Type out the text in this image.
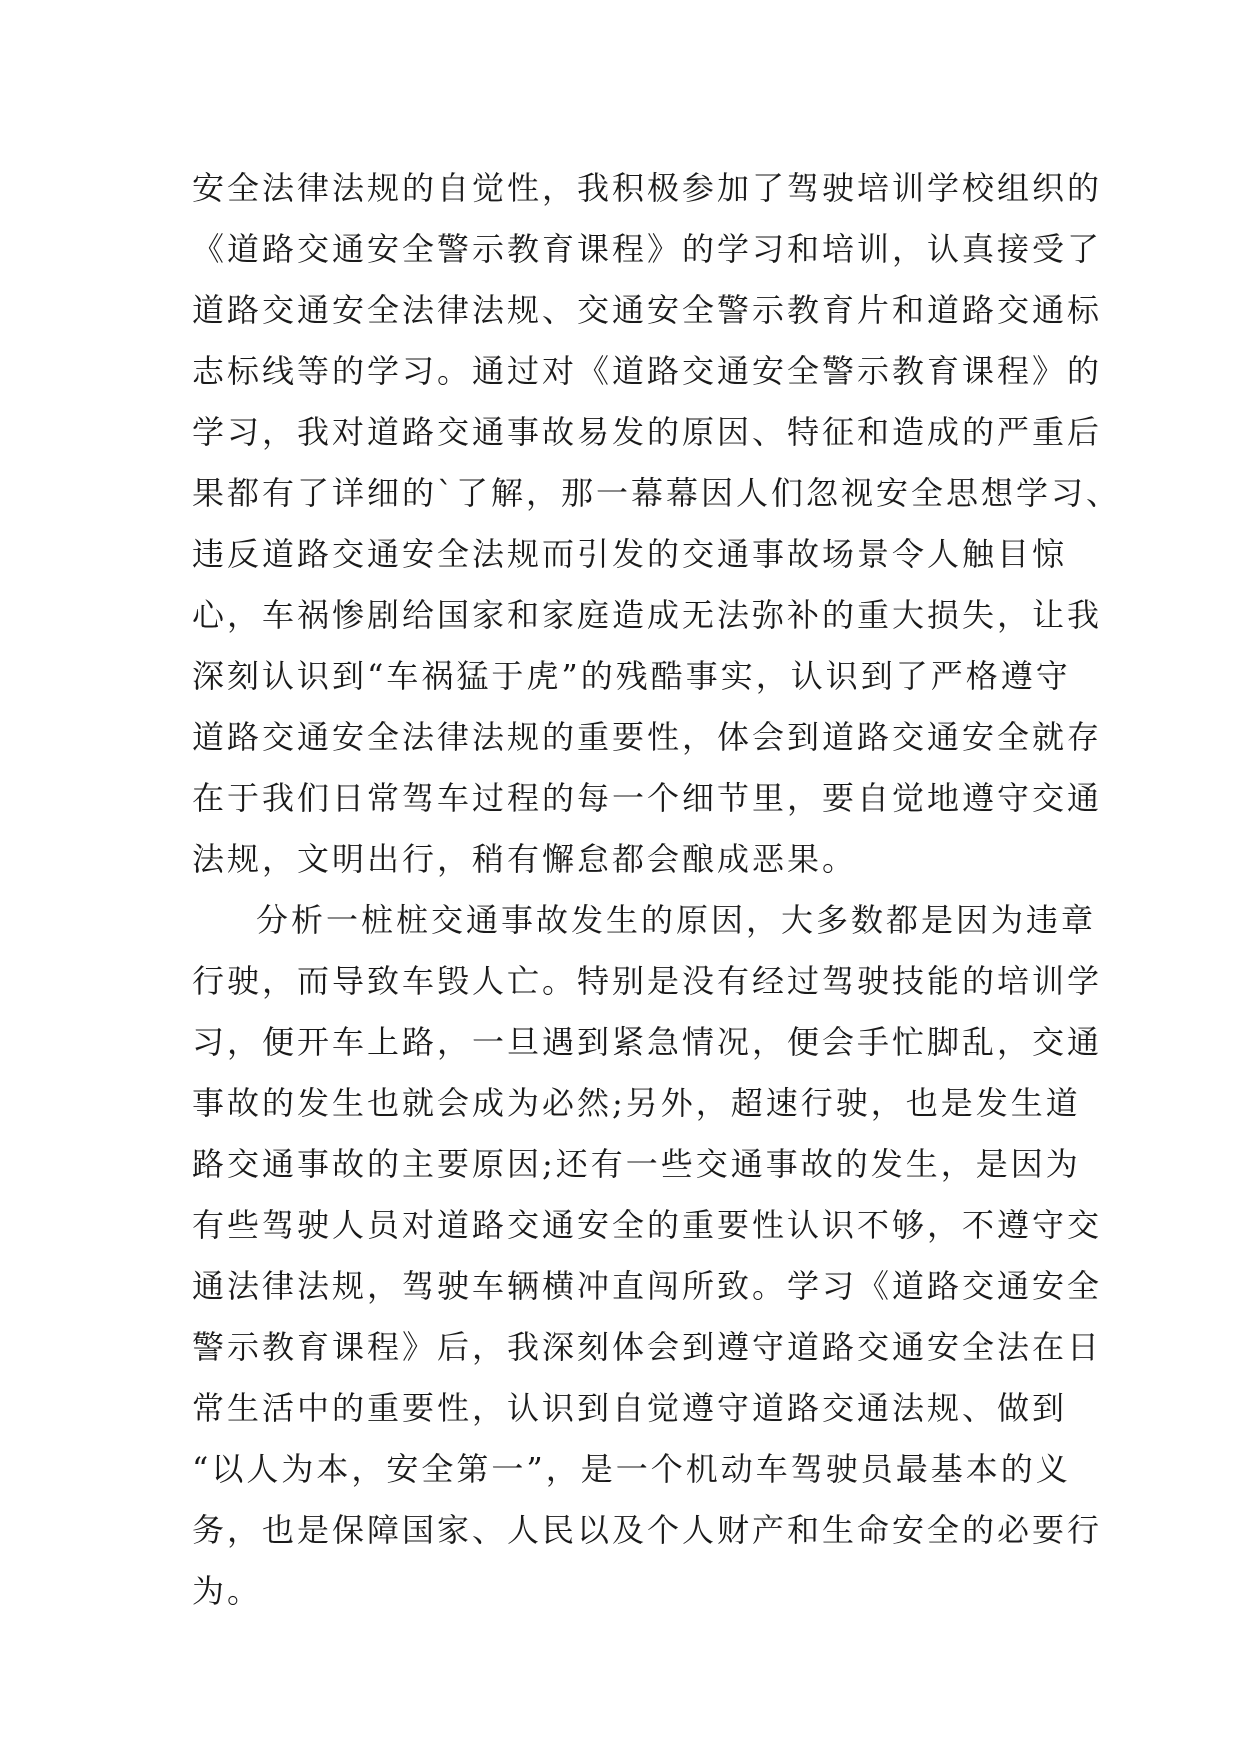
安全法律法规的自觉性，我积极参加了驾驶培训学校组织的
《道路交通安全警示教育课程》的学习和培训，认真接受了
道路交通安全法律法规、交通安全警示教育片和道路交通标
志标线等的学习。通过对《道路交通安全警示教育课程》的
学习，我对道路交通事故易发的原因、特征和造成的严重后
果都有了详细的`了解，那一幕幕因人们忽视安全思想学习、
违反道路交通安全法规而引发的交通事故场景令人触目惊
心，车祸惨剧给国家和家庭造成无法弥补的重大损失，让我
深刻认识到“车祸猛于虎”的残酷事实，认识到了严格遵守
道路交通安全法律法规的重要性，体会到道路交通安全就存
在于我们日常驾车过程的每一个细节里，要自觉地遵守交通
法规，文明出行，稍有懈怠都会酿成恶果。
分析一桩桩交通事故发生的原因，大多数都是因为违章
行驶，而导致车毁人亡。特别是没有经过驾驶技能的培训学
习，便开车上路，一旦遇到紧急情况，便会手忙脚乱，交通
事故的发生也就会成为必然;另外，超速行驶，也是发生道
路交通事故的主要原因;还有一些交通事故的发生，是因为
有些驾驶人员对道路交通安全的重要性认识不够，不遵守交
通法律法规，驾驶车辆横冲直闯所致。学习《道路交通安全
警示教育课程》后，我深刻体会到遵守道路交通安全法在日
常生活中的重要性，认识到自觉遵守道路交通法规、做到
“以人为本，安全第一”，是一个机动车驾驶员最基本的义
务，也是保障国家、人民以及个人财产和生命安全的必要行
为。
